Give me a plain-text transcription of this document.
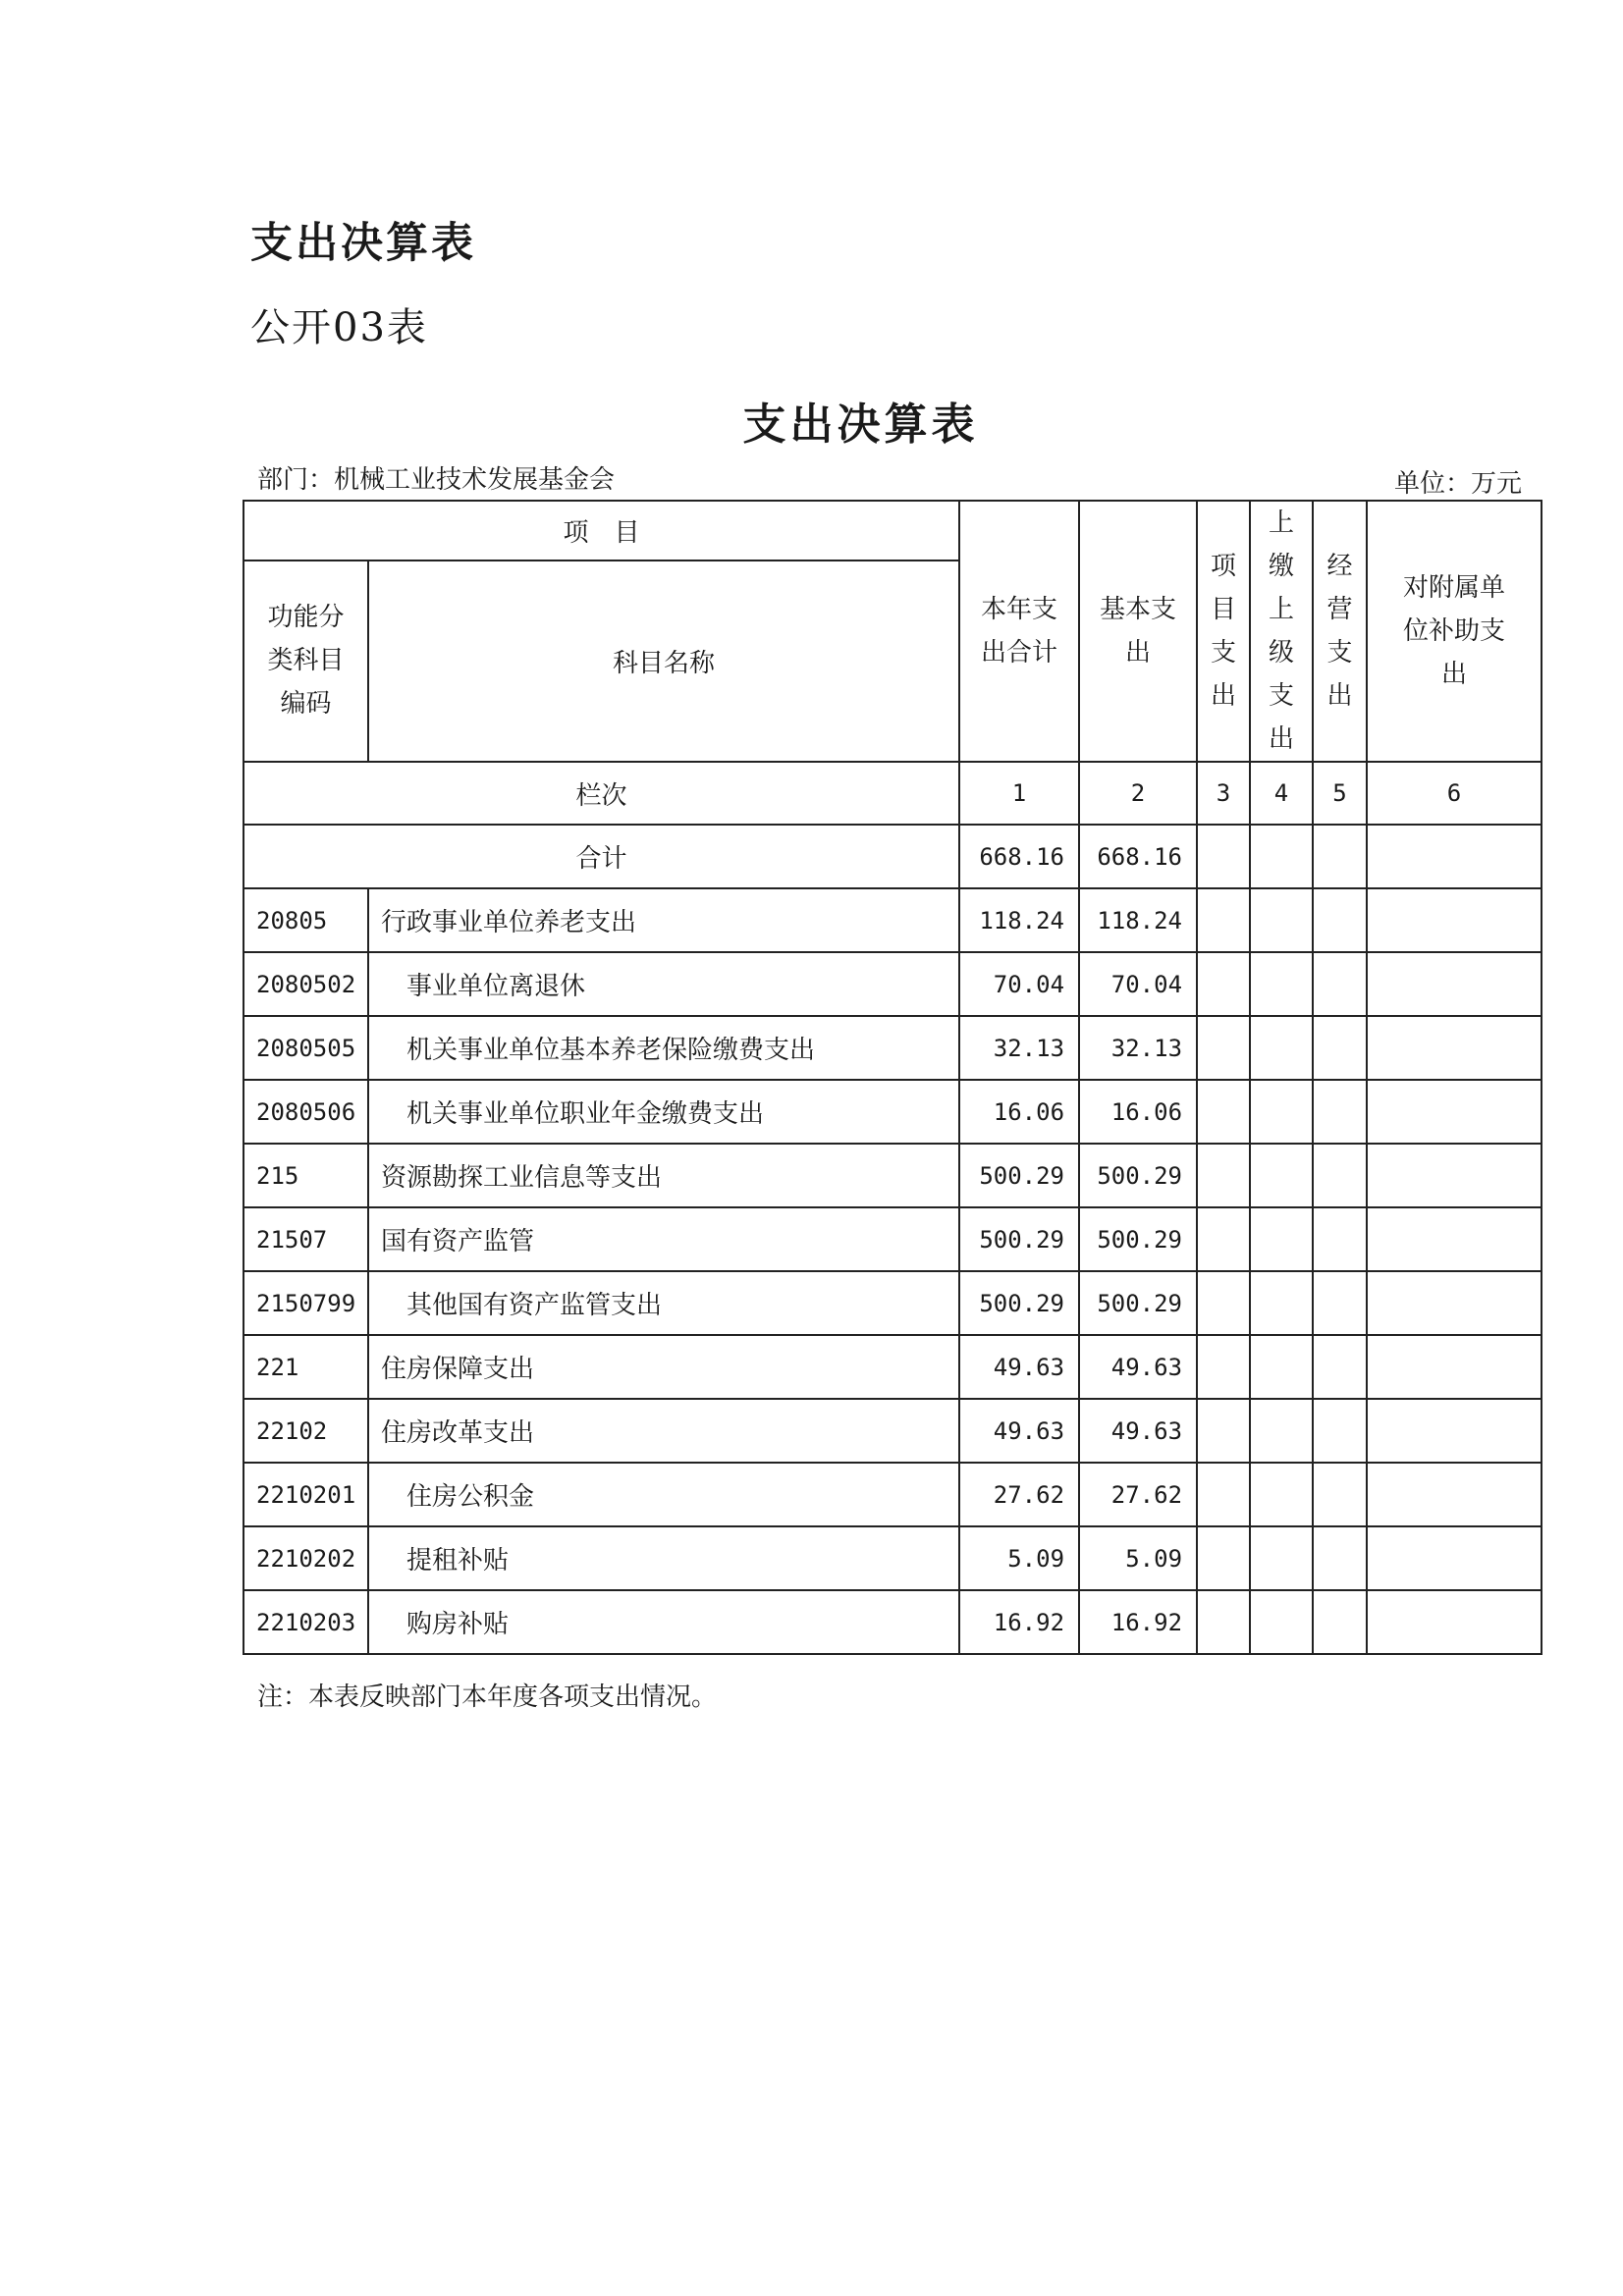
支出决算表
公开03表
支出决算表
部门：机械工业技术发展基金会	单位：万元
项　目		本年支出合计	基本支出	项目支出	上缴上级支出	经营支出	对附属单位补助支出

功能分类科目编码	科目名称						
栏次		1	2	3	4	5	6
合计		668.16	668.16				
20805	行政事业单位养老支出	118.24	118.24				
2080502	事业单位离退休	70.04	70.04				
2080505	机关事业单位基本养老保险缴费支出	32.13	32.13				
2080506	机关事业单位职业年金缴费支出	16.06	16.06				
215	资源勘探工业信息等支出	500.29	500.29				
21507	国有资产监管	500.29	500.29				
2150799	其他国有资产监管支出	500.29	500.29				
221	住房保障支出	49.63	49.63				
22102	住房改革支出	49.63	49.63				
2210201	住房公积金	27.62	27.62				
2210202	提租补贴	5.09	5.09				
2210203	购房补贴	16.92	16.92				
注：本表反映部门本年度各项支出情况。
